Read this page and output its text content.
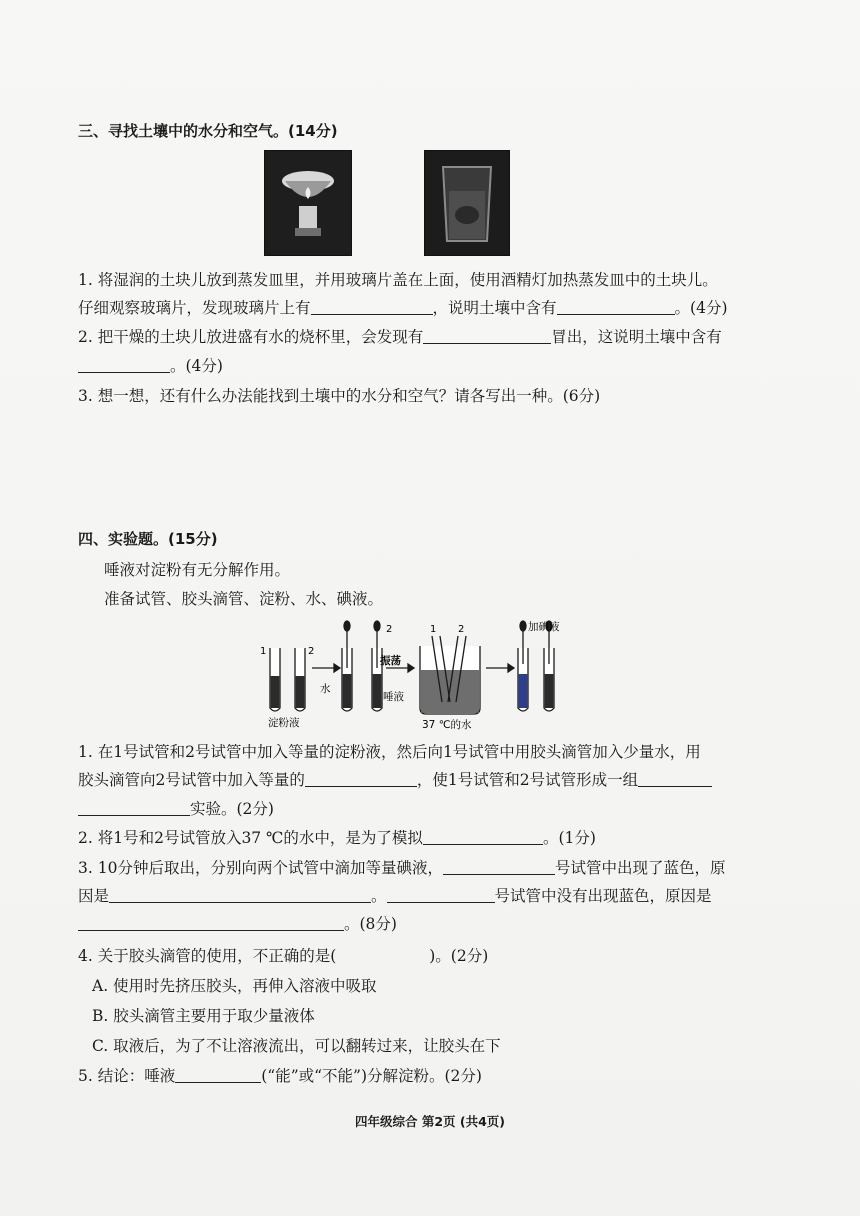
三、寻找土壤中的水分和空气。(14分)
1. 将湿润的土块儿放到蒸发皿里，并用玻璃片盖在上面，使用酒精灯加热蒸发皿中的土块儿。
仔细观察玻璃片，发现玻璃片上有	，说明土壤中含有	。(4分)
2. 把干燥的土块儿放进盛有水的烧杯里，会发现有	冒出，这说明土壤中含有
。(4分)
3. 想一想，还有什么办法能找到土壤中的水分和空气？请各写出一种。(6分)
四、实验题。(15分)
唾液对淀粉有无分解作用。
准备试管、胶头滴管、淀粉、水、碘液。
1	2
淀粉液
水
2
唾液
振荡
1 2
37 ℃的水
加碘液
1. 在1号试管和2号试管中加入等量的淀粉液，然后向1号试管中用胶头滴管加入少量水，用
胶头滴管向2号试管中加入等量的	，使1号试管和2号试管形成一组
实验。(2分)
2. 将1号和2号试管放入37 ℃的水中，是为了模拟	。(1分)
3. 10分钟后取出，分别向两个试管中滴加等量碘液，	号试管中出现了蓝色，原
因是	。	号试管中没有出现蓝色，原因是
。(8分)
4. 关于胶头滴管的使用，不正确的是(　　　　　　)。(2分)
A. 使用时先挤压胶头，再伸入溶液中吸取
B. 胶头滴管主要用于取少量液体
C. 取液后，为了不让溶液流出，可以翻转过来，让胶头在下
5. 结论：唾液	(“能”或“不能”)分解淀粉。(2分)
四年级综合 第2页 (共4页)
